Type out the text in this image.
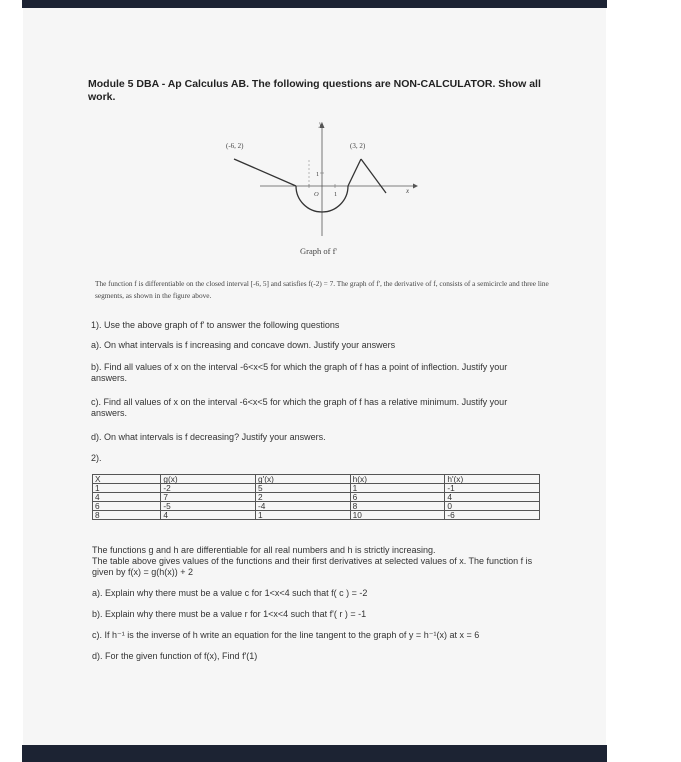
Module 5 DBA - Ap Calculus AB. The following questions are NON-CALCULATOR. Show all work.
(-6, 2)	(3, 2)
y
x
1
O 1
Graph of f'
The function f is differentiable on the closed interval [-6, 5] and satisfies f(-2) = 7. The graph of f', the derivative of f, consists of a semicircle and three line segments, as shown in the figure above.
1). Use the above graph of f' to answer the following questions
a). On what intervals is f increasing and concave down. Justify your answers
b). Find all values of x on the interval -6<x<5 for which the graph of f has a point of inflection. Justify your answers.
c). Find all values of x on the interval -6<x<5 for which the graph of f has a relative minimum. Justify your answers.
d). On what intervals is f decreasing? Justify your answers.
2).
X	g(x)	g'(x)	h(x)	h'(x)
1	-2	5	1	-1
4	7	2	6	4
6	-5	-4	8	0
8	4	1	10	-6
The functions g and h are differentiable for all real numbers and h is strictly increasing.
The table above gives values of the functions and their first derivatives at selected values of x. The function f is given by f(x) = g(h(x)) + 2
a). Explain why there must be a value c for 1<x<4 such that f( c ) = -2
b). Explain why there must be a value r for 1<x<4 such that f'( r ) = -1
c). If h⁻¹ is the inverse of h write an equation for the line tangent to the graph of y = h⁻¹(x) at x = 6
d). For the given function of f(x), Find f'(1)
